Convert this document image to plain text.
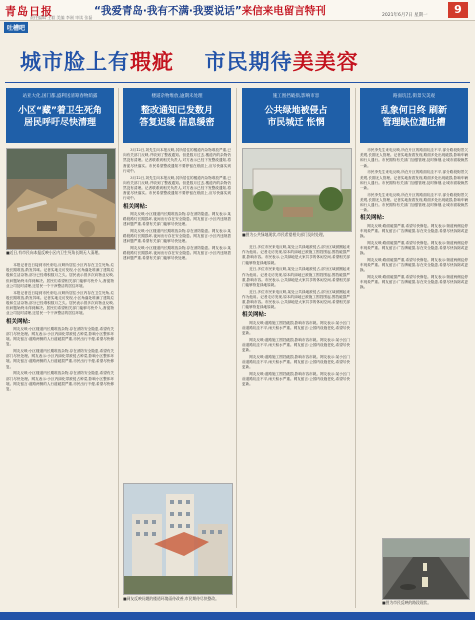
青岛日报	“我爱青岛·我有不满·我要说话”来信来电留言特刊	2021年6月7日 星期一	9
责任编辑 王毅 美编 李刚 审读 张磊
吐槽吧
城市脸上有瑕疵 市民期待美美容
站亚大化,国门都,盛利送清筹春物荫露
小区“藏”着卫生死角
居民呼吁尽快清理
楼道杂物堆放,逾期未处理
整改通知已发数月
答复迟缓 信息缓密
施工围挡破损,影响市容
公共绿地被侵占
市民城迁 怅惘
路面坑洼,街景欠美观
乱象何日终 刷新
管理缺位遭吐槽
■近日,有市民向本报反映小区内卫生死角长期无人清理。

本报记者近日接到市民来电,反映所居住小区内存在卫生死角,垃圾长期堆放,散发异味。记者实地走访发现,小区角落处堆满了建筑垃圾和生活杂物,部分已经堆积数月之久。居民表示曾多次向物业反映,但问题始终未得到解决。居民们希望相关部门能够尽快介入,督促物业公司及时清理,还居民一个干净整洁的居住环境。

本报记者近日接到市民来电,反映所居住小区内存在卫生死角,垃圾长期堆放,散发异味。记者实地走访发现,小区角落处堆满了建筑垃圾和生活杂物,部分已经堆积数月之久。居民表示曾多次向物业反映,但问题始终未得到解决。居民们希望相关部门能够尽快介入,督促物业公司及时清理,还居民一个干净整洁的居住环境。

相关网帖:

网友反映:小区楼道内长期堆放杂物,存在消防安全隐患,希望有关部门尽快处理。网友表示:小区内绿化带被侵占种菜,影响小区整体环境。网友留言:道路两侧的人行道破损严重,市民出行不便,希望尽快修复。

网友反映:小区楼道内长期堆放杂物,存在消防安全隐患,希望有关部门尽快处理。网友表示:小区内绿化带被侵占种菜,影响小区整体环境。网友留言:道路两侧的人行道破损严重,市民出行不便,希望尽快修复。

网友反映:小区楼道内长期堆放杂物,存在消防安全隐患,希望有关部门尽快处理。网友表示:小区内绿化带被侵占种菜,影响小区整体环境。网友留言:道路两侧的人行道破损严重,市民出行不便,希望尽快修复。

3月12日,刘先生向本报反映,其所居住的楼道内杂物堆放严重,已向有关部门反映,并收到了整改通知。但是数月过去,楼道内的杂物仍然没有清理。记者联系到相关负责人,对方表示已经下发整改通知,将督促尽快落实。市民希望整改通知不要停留在纸面上,应尽快落实到行动中。

3月12日,刘先生向本报反映,其所居住的楼道内杂物堆放严重,已向有关部门反映,并收到了整改通知。但是数月过去,楼道内的杂物仍然没有清理。记者联系到相关负责人,对方表示已经下发整改通知,将督促尽快落实。市民希望整改通知不要停留在纸面上,应尽快落实到行动中。

相关网帖:

网友反映:小区楼道内长期堆放杂物,存在消防隐患。网友表示:某路段路灯长期损坏,夜间出行存在安全隐患。网友留言:小区内违规搭建问题严重,希望有关部门能够尽快处理。

网友反映:小区楼道内长期堆放杂物,存在消防隐患。网友表示:某路段路灯长期损坏,夜间出行存在安全隐患。网友留言:小区内违规搭建问题严重,希望有关部门能够尽快处理。

网友反映:小区楼道内长期堆放杂物,存在消防隐患。网友表示:某路段路灯长期损坏,夜间出行存在安全隐患。网友留言:小区内违规搭建问题严重,希望有关部门能够尽快处理。

■网友反映问题的楼道环境亟待改善,市民期待尽快整改。
■图为公共绿地现状,市民希望相关部门及时处理。

近日,多位市民来电反映,某处公共绿地被侵占,部分区域被圈起来作为他用。记者走访发现,原本的绿地已被施工围挡围起,围挡破损严重,影响市容。市民表示,公共绿地是大家共享的休闲空间,希望相关部门能够恢复绿地原貌。

近日,多位市民来电反映,某处公共绿地被侵占,部分区域被圈起来作为他用。记者走访发现,原本的绿地已被施工围挡围起,围挡破损严重,影响市容。市民表示,公共绿地是大家共享的休闲空间,希望相关部门能够恢复绿地原貌。

近日,多位市民来电反映,某处公共绿地被侵占,部分区域被圈起来作为他用。记者走访发现,原本的绿地已被施工围挡围起,围挡破损严重,影响市容。市民表示,公共绿地是大家共享的休闲空间,希望相关部门能够恢复绿地原貌。

相关网帖:

网友反映:道路施工围挡破损,影响市容市貌。网友表示:某小区门前道路坑洼不平,雨天积水严重。网友留言:公园内设施老化,希望尽快更新。

网友反映:道路施工围挡破损,影响市容市貌。网友表示:某小区门前道路坑洼不平,雨天积水严重。网友留言:公园内设施老化,希望尽快更新。

网友反映:道路施工围挡破损,影响市容市貌。网友表示:某小区门前道路坑洼不平,雨天积水严重。网友留言:公园内设施老化,希望尽快更新。

网友反映:道路施工围挡破损,影响市容市貌。网友表示:某小区门前道路坑洼不平,雨天积水严重。网友留言:公园内设施老化,希望尽快更新。

市民李先生来电反映,所在片区的路面坑洼不平,部分路段街景欠美观,长期无人管理。记者实地查看发现,路面多处出现破损,影响车辆和行人通行。市民期待有关部门加强管理,及时修缮,让城市面貌焕然一新。

市民李先生来电反映,所在片区的路面坑洼不平,部分路段街景欠美观,长期无人管理。记者实地查看发现,路面多处出现破损,影响车辆和行人通行。市民期待有关部门加强管理,及时修缮,让城市面貌焕然一新。

市民李先生来电反映,所在片区的路面坑洼不平,部分路段街景欠美观,长期无人管理。记者实地查看发现,路面多处出现破损,影响车辆和行人通行。市民期待有关部门加强管理,及时修缮,让城市面貌焕然一新。

相关网帖:

网友反映:路面破损严重,希望尽快修复。网友表示:街道两侧乱停车现象严重。网友留言:广告牌破损,存在安全隐患,希望尽快拆除或更换。

网友反映:路面破损严重,希望尽快修复。网友表示:街道两侧乱停车现象严重。网友留言:广告牌破损,存在安全隐患,希望尽快拆除或更换。

网友反映:路面破损严重,希望尽快修复。网友表示:街道两侧乱停车现象严重。网友留言:广告牌破损,存在安全隐患,希望尽快拆除或更换。

网友反映:路面破损严重,希望尽快修复。网友表示:街道两侧乱停车现象严重。网友留言:广告牌破损,存在安全隐患,希望尽快拆除或更换。

■图为市民反映的路段现状。
